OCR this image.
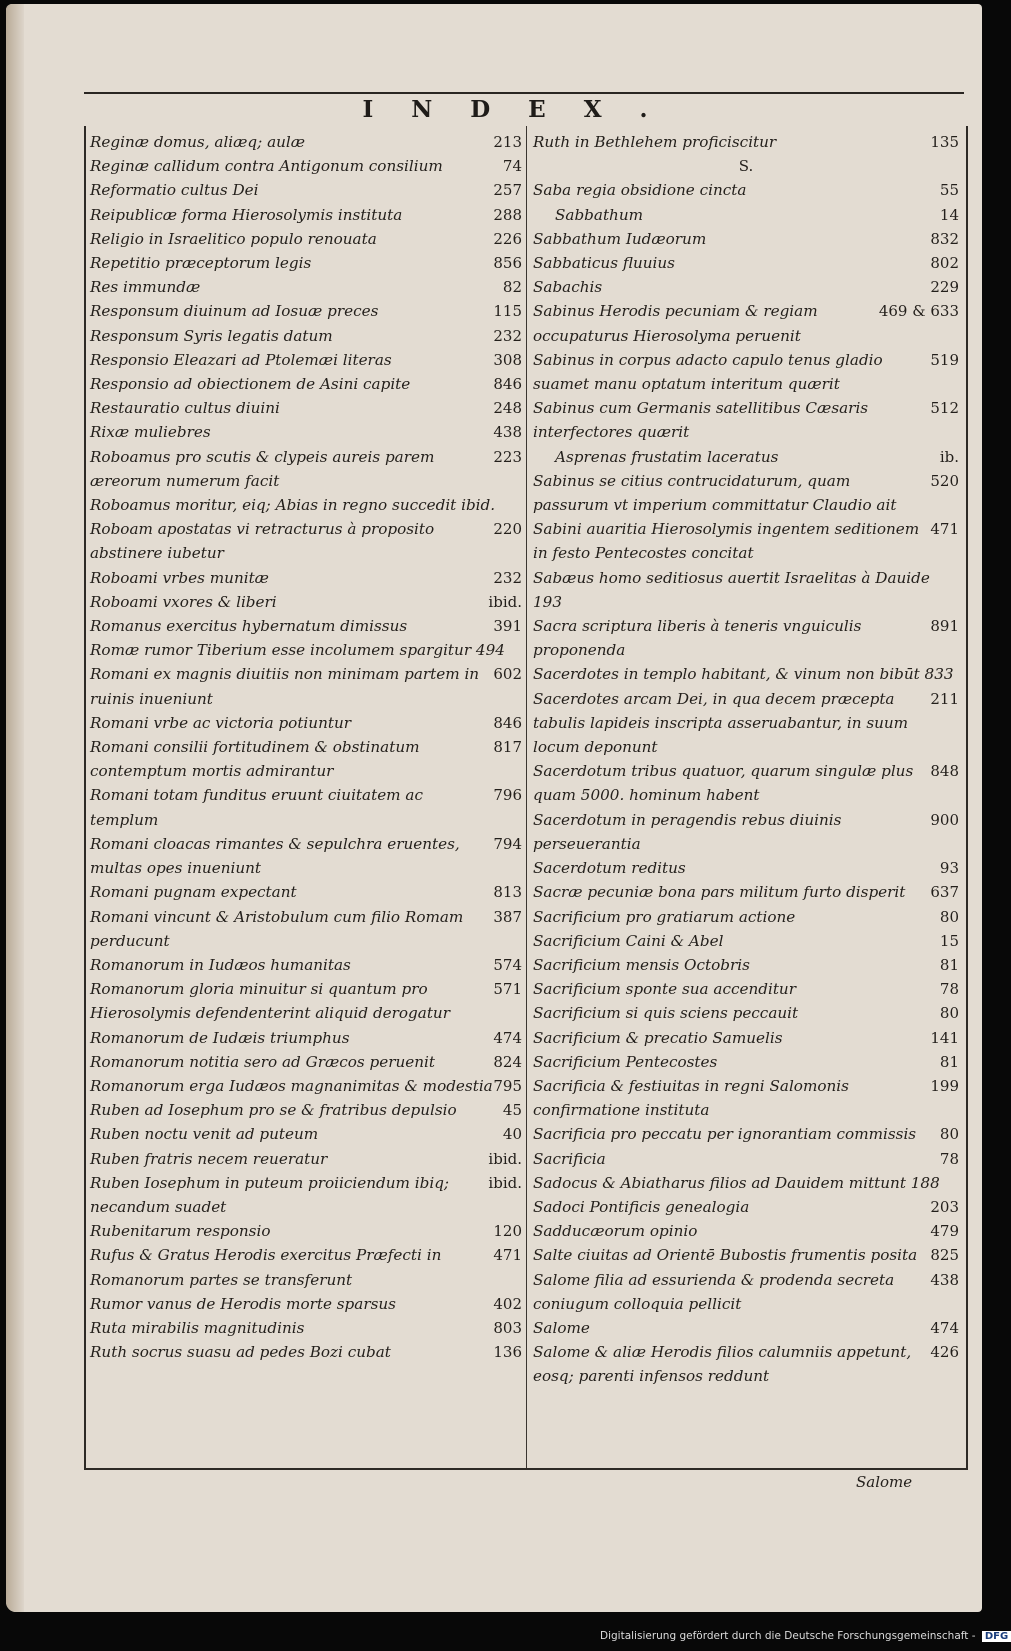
INDEX.
213
Reginæ domus, aliæq; aulæ
74
Reginæ callidum contra Antigonum consilium
257
Reformatio cultus Dei
288
Reipublicæ forma Hierosolymis instituta
226
Religio in Israelitico populo renouata
856
Repetitio præceptorum legis
82
Res immundæ
115
Responsum diuinum ad Iosuæ preces
232
Responsum Syris legatis datum
308
Responsio Eleazari ad Ptolemæi literas
846
Responsio ad obiectionem de Asini capite
248
Restauratio cultus diuini
438
Rixæ muliebres
223
Roboamus pro scutis & clypeis aureis parem æreorum numerum facit
Roboamus moritur, eiq; Abias in regno succedit ibid.
220
Roboam apostatas vi retracturus à proposito abstinere iubetur
232
Roboami vrbes munitæ
ibid.
Roboami vxores & liberi
391
Romanus exercitus hybernatum dimissus
Romæ rumor Tiberium esse incolumem spargitur 494
602
Romani ex magnis diuitiis non minimam partem in ruinis inueniunt
846
Romani vrbe ac victoria potiuntur
817
Romani consilii fortitudinem & obstinatum contemptum mortis admirantur
796
Romani totam funditus eruunt ciuitatem ac templum
794
Romani cloacas rimantes & sepulchra eruentes, multas opes inueniunt
813
Romani pugnam expectant
387
Romani vincunt & Aristobulum cum filio Romam perducunt
574
Romanorum in Iudæos humanitas
571
Romanorum gloria minuitur si quantum pro Hierosolymis defendenterint aliquid derogatur
474
Romanorum de Iudæis triumphus
824
Romanorum notitia sero ad Græcos peruenit
795
Romanorum erga Iudæos magnanimitas & modestia
45
Ruben ad Iosephum pro se & fratribus depulsio
40
Ruben noctu venit ad puteum
ibid.
Ruben fratris necem reueratur
ibid.
Ruben Iosephum in puteum proiiciendum ibiq; necandum suadet
120
Rubenitarum responsio
471
Rufus & Gratus Herodis exercitus Præfecti in Romanorum partes se transferunt
402
Rumor vanus de Herodis morte sparsus
803
Ruta mirabilis magnitudinis
136
Ruth socrus suasu ad pedes Bozi cubat
135
Ruth in Bethlehem proficiscitur
S.
55
Saba regia obsidione cincta
14
Sabbathum
832
Sabbathum Iudæorum
802
Sabbaticus fluuius
229
Sabachis
469 & 633
Sabinus Herodis pecuniam & regiam occupaturus Hierosolyma peruenit
519
Sabinus in corpus adacto capulo tenus gladio suamet manu optatum interitum quærit
512
Sabinus cum Germanis satellitibus Cæsaris interfectores quærit
ib.
Asprenas frustatim laceratus
520
Sabinus se citius contrucidaturum, quam passurum vt imperium committatur Claudio ait
471
Sabini auaritia Hierosolymis ingentem seditionem in festo Pentecostes concitat
Sabæus homo seditiosus auertit Israelitas à Dauide 193
891
Sacra scriptura liberis à teneris vnguiculis proponenda
Sacerdotes in templo habitant, & vinum non bibūt 833
211
Sacerdotes arcam Dei, in qua decem præcepta tabulis lapideis inscripta asseruabantur, in suum locum deponunt
848
Sacerdotum tribus quatuor, quarum singulæ plus quam 5000. hominum habent
900
Sacerdotum in peragendis rebus diuinis perseuerantia
93
Sacerdotum reditus
637
Sacræ pecuniæ bona pars militum furto disperit
80
Sacrificium pro gratiarum actione
15
Sacrificium Caini & Abel
81
Sacrificium mensis Octobris
78
Sacrificium sponte sua accenditur
80
Sacrificium si quis sciens peccauit
141
Sacrificium & precatio Samuelis
81
Sacrificium Pentecostes
199
Sacrificia & festiuitas in regni Salomonis confirmatione instituta
80
Sacrificia pro peccatu per ignorantiam commissis
78
Sacrificia
Sadocus & Abiatharus filios ad Dauidem mittunt 188
203
Sadoci Pontificis genealogia
479
Sadducæorum opinio
825
Salte ciuitas ad Orientē Bubostis frumentis posita
438
Salome filia ad essurienda & prodenda secreta coniugum colloquia pellicit
474
Salome
426
Salome & aliæ Herodis filios calumniis appetunt, eosq; parenti infensos reddunt
Salome
Digitalisierung gefördert durch die Deutsche Forschungsgemeinschaft - DFG
